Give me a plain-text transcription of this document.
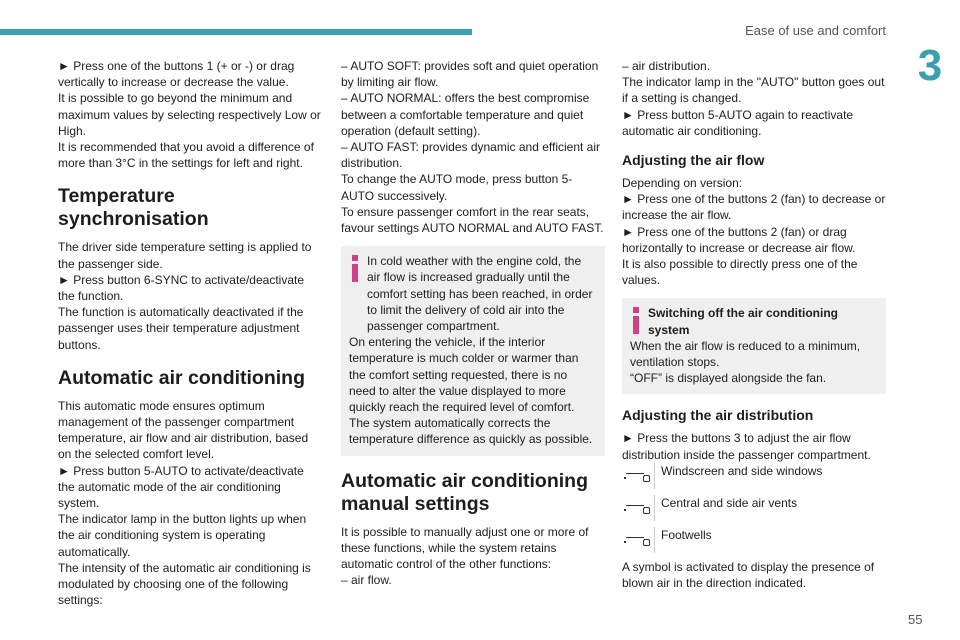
Ease of use and comfort
3

► Press one of the buttons 1 (+ or -) or drag vertically to increase or decrease the value.

It is possible to go beyond the minimum and maximum values by selecting respectively Low or High.

It is recommended that you avoid a difference of more than 3°C in the settings for left and right.

Temperature synchronisation

The driver side temperature setting is applied to the passenger side.

► Press button 6-SYNC to activate/deactivate the function.

The function is automatically deactivated if the passenger uses their temperature adjustment buttons.

Automatic air conditioning

This automatic mode ensures optimum management of the passenger compartment temperature, air flow and air distribution, based on the selected comfort level.

► Press button 5-AUTO to activate/deactivate the automatic mode of the air conditioning system.

The indicator lamp in the button lights up when the air conditioning system is operating automatically.

The intensity of the automatic air conditioning is modulated by choosing one of the following settings:

– AUTO SOFT: provides soft and quiet operation by limiting air flow.

– AUTO NORMAL: offers the best compromise between a comfortable temperature and quiet operation (default setting).

– AUTO FAST: provides dynamic and efficient air distribution.

To change the AUTO mode, press button 5-AUTO successively.

To ensure passenger comfort in the rear seats, favour settings AUTO NORMAL and AUTO FAST.

In cold weather with the engine cold, the air flow is increased gradually until the comfort setting has been reached, in order to limit the delivery of cold air into the passenger compartment.

On entering the vehicle, if the interior temperature is much colder or warmer than the comfort setting requested, there is no need to alter the value displayed to more quickly reach the required level of comfort.

The system automatically corrects the temperature difference as quickly as possible.

Automatic air conditioning manual settings

It is possible to manually adjust one or more of these functions, while the system retains automatic control of the other functions:

– air flow.

– air distribution.

The indicator lamp in the "AUTO" button goes out if a setting is changed.

► Press button 5-AUTO again to reactivate automatic air conditioning.

Adjusting the air flow

Depending on version:

► Press one of the buttons 2 (fan) to decrease or increase the air flow.

► Press one of the buttons 2 (fan) or drag horizontally to increase or decrease air flow.

It is also possible to directly press one of the values.

Switching off the air conditioning system

When the air flow is reduced to a minimum, ventilation stops.

“OFF” is displayed alongside the fan.

Adjusting the air distribution

► Press the buttons 3 to adjust the air flow distribution inside the passenger compartment.

Windscreen and side windows

Central and side air vents

Footwells

A symbol is activated to display the presence of blown air in the direction indicated.

55
